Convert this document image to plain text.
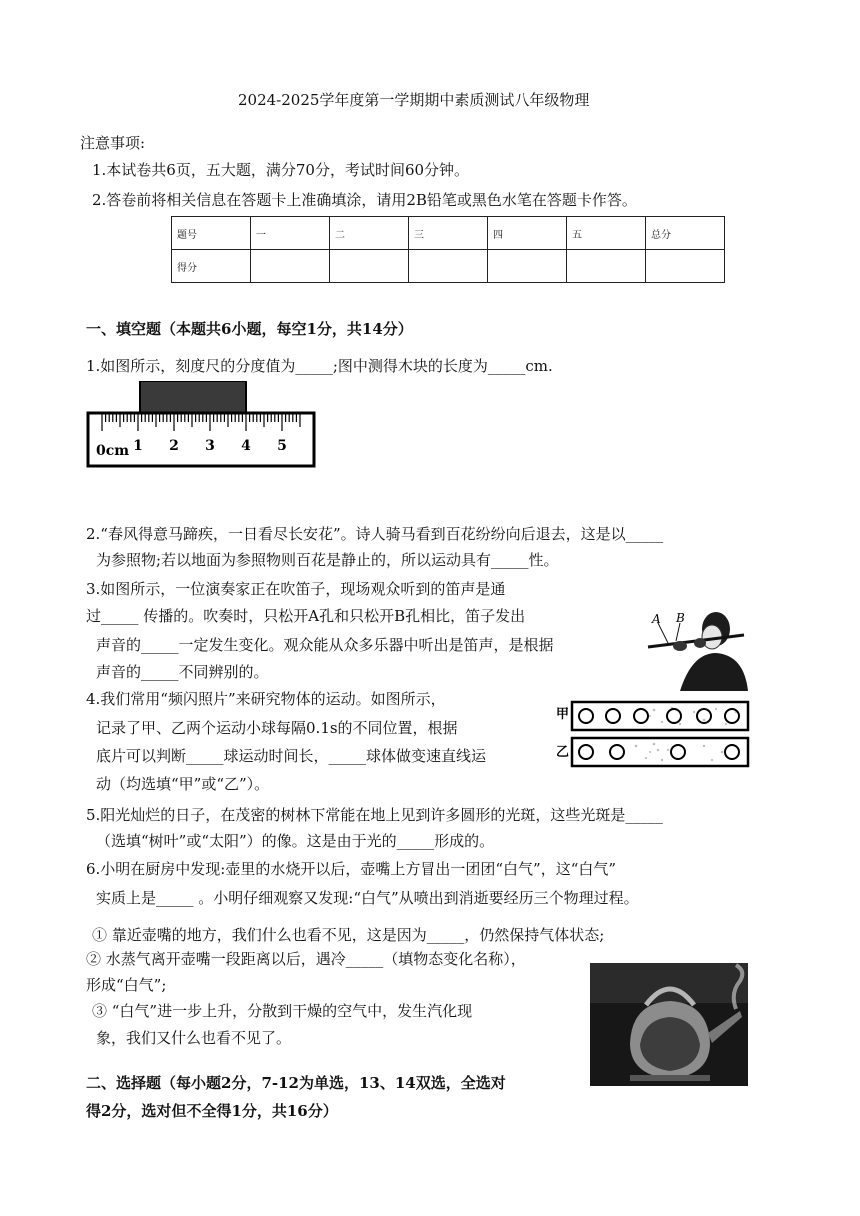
2024-2025学年度第一学期期中素质测试八年级物理
注意事项:
1.本试卷共6页，五大题，满分70分，考试时间60分钟。
2.答卷前将相关信息在答题卡上准确填涂，请用2B铅笔或黑色水笔在答题卡作答。
题号	一	二	三	四	五	总分
得分						
一、填空题（本题共6小题，每空1分，共14分）
1.如图所示，刻度尺的分度值为_____;图中测得木块的长度为_____cm.
0cm 1 2 3 4 5
2.“春风得意马蹄疾，一日看尽长安花”。诗人骑马看到百花纷纷向后退去，这是以_____
为参照物;若以地面为参照物则百花是静止的，所以运动具有_____性。
3.如图所示，一位演奏家正在吹笛子，现场观众听到的笛声是通
过_____ 传播的。吹奏时，只松开A孔和只松开B孔相比，笛子发出
声音的_____一定发生变化。观众能从众多乐器中听出是笛声，是根据
声音的_____不同辨别的。
A B
4.我们常用“频闪照片”来研究物体的运动。如图所示，
记录了甲、乙两个运动小球每隔0.1s的不同位置，根据
底片可以判断_____球运动时间长，_____球体做变速直线运
动（均选填“甲”或“乙”）。
甲
乙
5.阳光灿烂的日子，在茂密的树林下常能在地上见到许多圆形的光斑，这些光斑是_____
（选填“树叶”或“太阳”）的像。这是由于光的_____形成的。
6.小明在厨房中发现:壶里的水烧开以后，壶嘴上方冒出一团团“白气”，这“白气”
实质上是_____ 。小明仔细观察又发现:“白气”从喷出到消逝要经历三个物理过程。
① 靠近壶嘴的地方，我们什么也看不见，这是因为_____，仍然保持气体状态;
② 水蒸气离开壶嘴一段距离以后，遇冷_____（填物态变化名称），
形成“白气”;
③ “白气”进一步上升，分散到干燥的空气中，发生汽化现
象，我们又什么也看不见了。
二、选择题（每小题2分，7-12为单选，13、14双选，全选对
得2分，选对但不全得1分，共16分）
